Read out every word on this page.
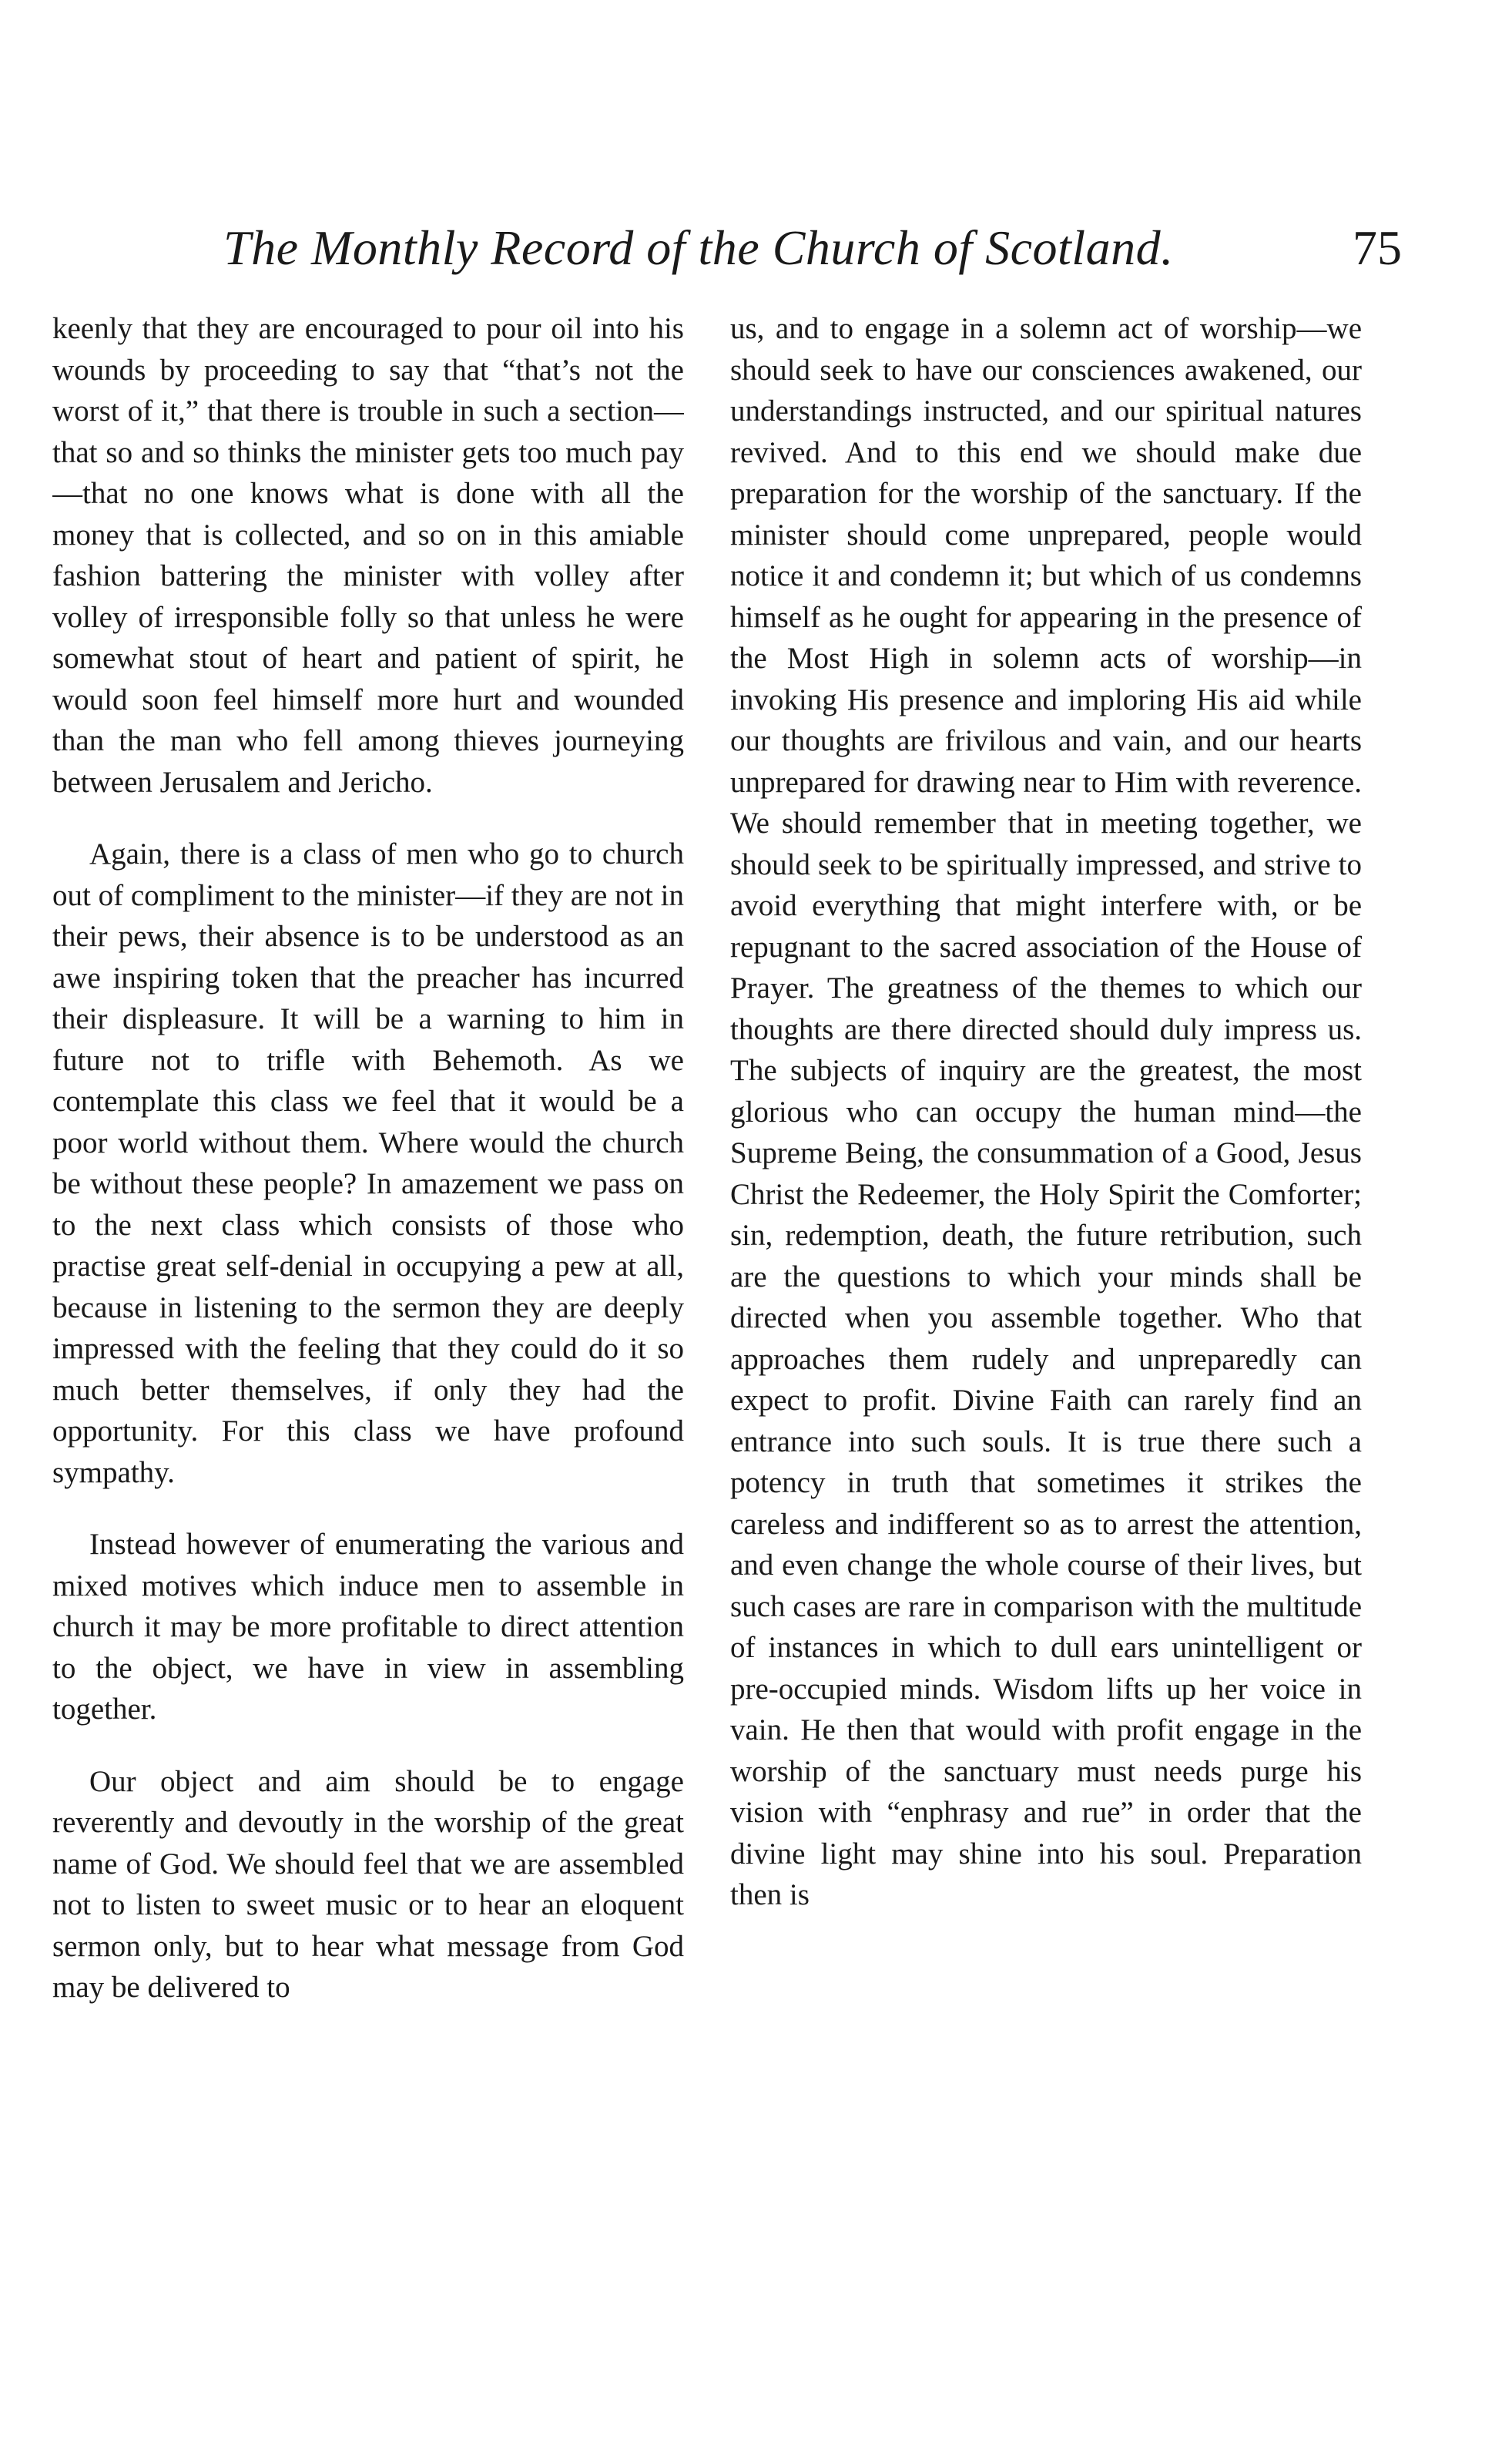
The Monthly Record of the Church of Scotland.	75

keenly that they are encouraged to pour oil into his wounds by proceeding to say that “that’s not the worst of it,” that there is trouble in such a section—that so and so thinks the minister gets too much pay—that no one knows what is done with all the money that is collected, and so on in this amiable fashion battering the minister with volley after volley of irresponsible folly so that unless he were somewhat stout of heart and patient of spirit, he would soon feel himself more hurt and wounded than the man who fell among thieves journeying between Jerusalem and Jericho.

Again, there is a class of men who go to church out of compliment to the minister—if they are not in their pews, their absence is to be understood as an awe inspiring token that the preacher has incurred their displeasure. It will be a warning to him in future not to trifle with Behemoth. As we contemplate this class we feel that it would be a poor world without them. Where would the church be without these people? In amazement we pass on to the next class which consists of those who practise great self-denial in occupying a pew at all, because in listening to the sermon they are deeply impressed with the feeling that they could do it so much better themselves, if only they had the opportunity. For this class we have profound sympathy.

Instead however of enumerating the various and mixed motives which induce men to assemble in church it may be more profitable to direct attention to the object, we have in view in assembling together.

Our object and aim should be to engage reverently and devoutly in the worship of the great name of God. We should feel that we are assembled not to listen to sweet music or to hear an eloquent sermon only, but to hear what message from God may be delivered to

us, and to engage in a solemn act of worship—we should seek to have our consciences awakened, our understandings instructed, and our spiritual natures revived. And to this end we should make due preparation for the worship of the sanctuary. If the minister should come unprepared, people would notice it and condemn it; but which of us condemns himself as he ought for appearing in the presence of the Most High in solemn acts of worship—in invoking His presence and imploring His aid while our thoughts are frivilous and vain, and our hearts unprepared for drawing near to Him with reverence. We should remember that in meeting together, we should seek to be spiritually impressed, and strive to avoid everything that might interfere with, or be repugnant to the sacred association of the House of Prayer. The greatness of the themes to which our thoughts are there directed should duly impress us. The subjects of inquiry are the greatest, the most glorious who can occupy the human mind—the Supreme Being, the consummation of a Good, Jesus Christ the Redeemer, the Holy Spirit the Comforter; sin, redemption, death, the future retribution, such are the questions to which your minds shall be directed when you assemble together. Who that approaches them rudely and unpreparedly can expect to profit. Divine Faith can rarely find an entrance into such souls. It is true there such a potency in truth that sometimes it strikes the careless and indifferent so as to arrest the attention, and even change the whole course of their lives, but such cases are rare in comparison with the multitude of instances in which to dull ears unintelligent or pre-occupied minds. Wisdom lifts up her voice in vain. He then that would with profit engage in the worship of the sanctuary must needs purge his vision with “enphrasy and rue” in order that the divine light may shine into his soul. Preparation then is
